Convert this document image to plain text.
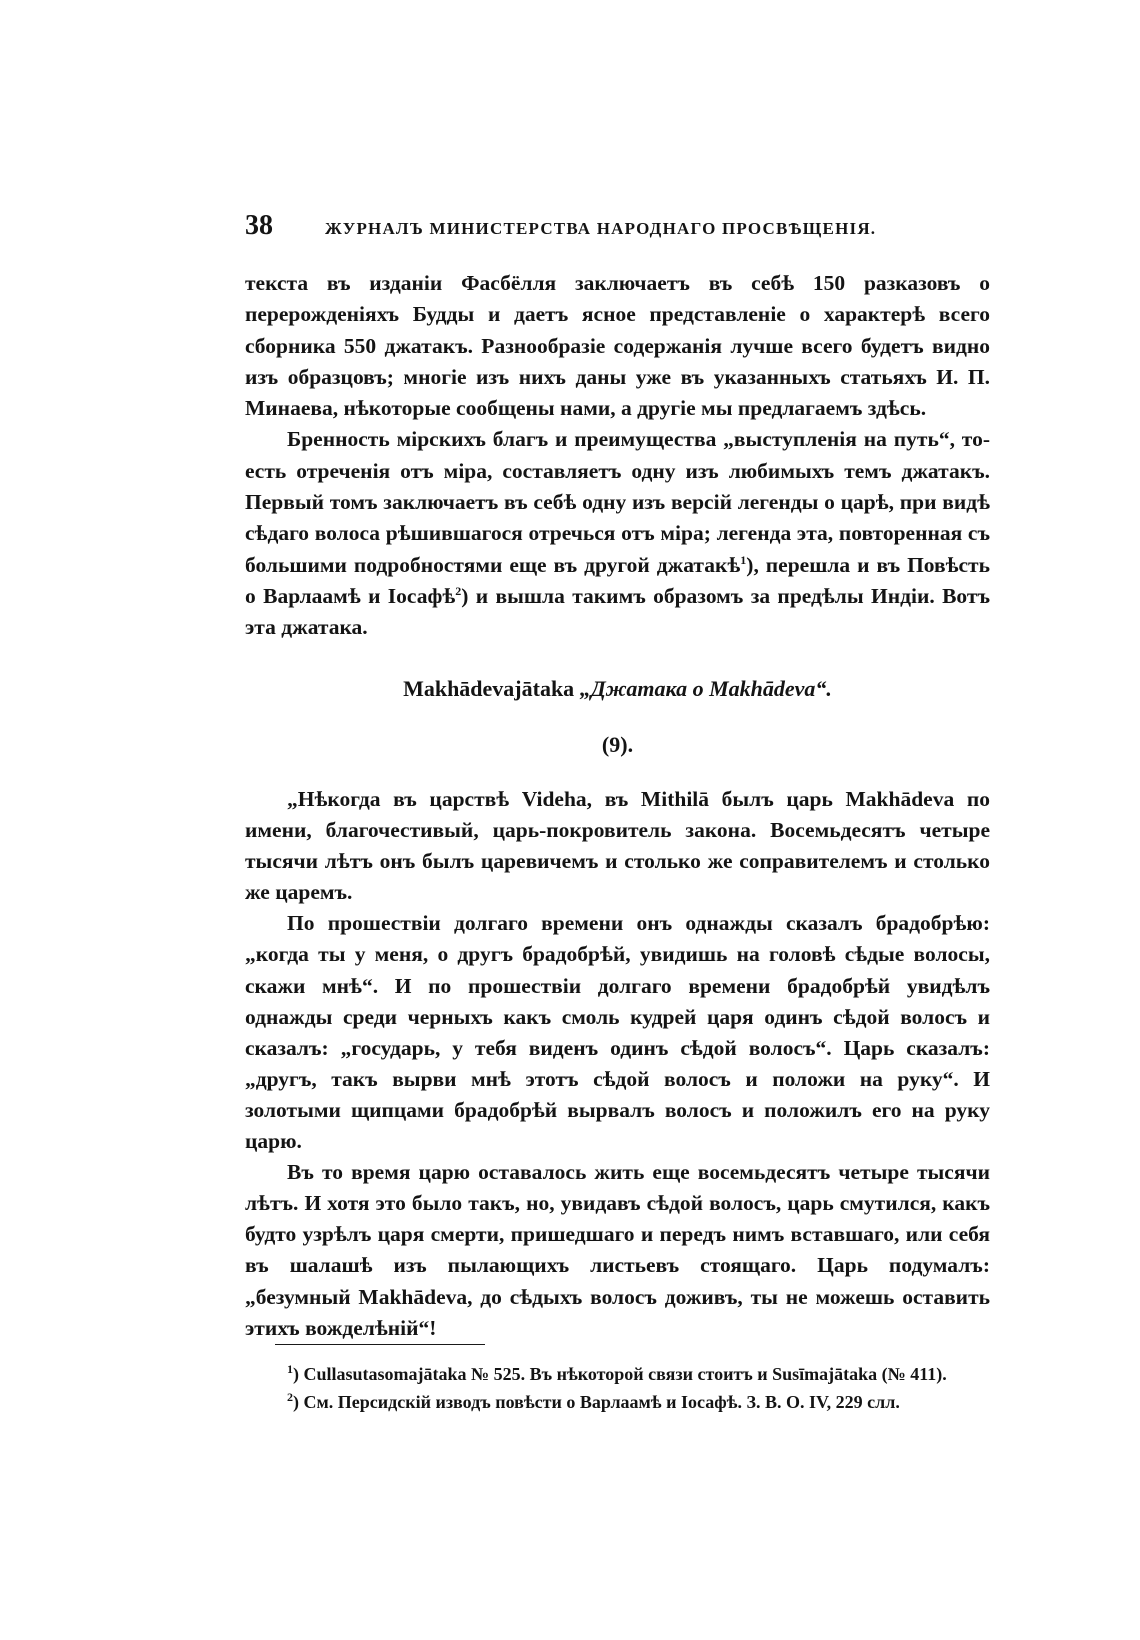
38	ЖУРНАЛЪ МИНИСТЕРСТВА НАРОДНАГО ПРОСВѢЩЕНІЯ.

текста въ изданіи Фасбёлля заключаетъ въ себѣ 150 разказовъ о перерожденіяхъ Будды и даетъ ясное представленіе о характерѣ всего сборника 550 джатакъ. Разнообразіе содержанія лучше всего будетъ видно изъ образцовъ; многіе изъ нихъ даны уже въ указанныхъ статьяхъ И. П. Минаева, нѣкоторые сообщены нами, а другіе мы предлагаемъ здѣсь.

Бренность мірскихъ благъ и преимущества „выступленія на путь“, то-есть отреченія отъ міра, составляетъ одну изъ любимыхъ темъ джатакъ. Первый томъ заключаетъ въ себѣ одну изъ версій легенды о царѣ, при видѣ сѣдаго волоса рѣшившагося отречься отъ міра; легенда эта, повторенная съ большими подробностями еще въ другой джатакѣ$^1$), перешла и въ Повѣсть о Варлаамѣ и Іосафѣ$^2$) и вышла такимъ образомъ за предѣлы Индіи. Вотъ эта джатака.

Makhādevajātaka „Джатака о Makhādeva“.
(9).

„Нѣкогда въ царствѣ Videha, въ Mithilā былъ царь Makhādeva по имени, благочестивый, царь-покровитель закона. Восемьдесятъ четыре тысячи лѣтъ онъ былъ царевичемъ и столько же соправителемъ и столько же царемъ.

По прошествіи долгаго времени онъ однажды сказалъ брадобрѣю: „когда ты у меня, о другъ брадобрѣй, увидишь на головѣ сѣдые волосы, скажи мнѣ“. И по прошествіи долгаго времени брадобрѣй увидѣлъ однажды среди черныхъ какъ смоль кудрей царя одинъ сѣдой волосъ и сказалъ: „государь, у тебя виденъ одинъ сѣдой волосъ“. Царь сказалъ: „другъ, такъ вырви мнѣ этотъ сѣдой волосъ и положи на руку“. И золотыми щипцами брадобрѣй вырвалъ волосъ и положилъ его на руку царю.

Въ то время царю оставалось жить еще восемьдесятъ четыре тысячи лѣтъ. И хотя это было такъ, но, увидавъ сѣдой волосъ, царь смутился, какъ будто узрѣлъ царя смерти, пришедшаго и передъ нимъ вставшаго, или себя въ шалашѣ изъ пылающихъ листьевъ стоящаго. Царь подумалъ: „безумный Makhādeva, до сѣдыхъ волосъ доживъ, ты не можешь оставить этихъ вожделѣній“!

$^1$) Cullasutasomajātaka № 525. Въ нѣкоторой связи стоитъ и Susīmajātaka (№ 411).

$^2$) См. Персидскій изводъ повѣсти о Варлаамѣ и Іосафѣ. З. В. О. IV, 229 слл.
